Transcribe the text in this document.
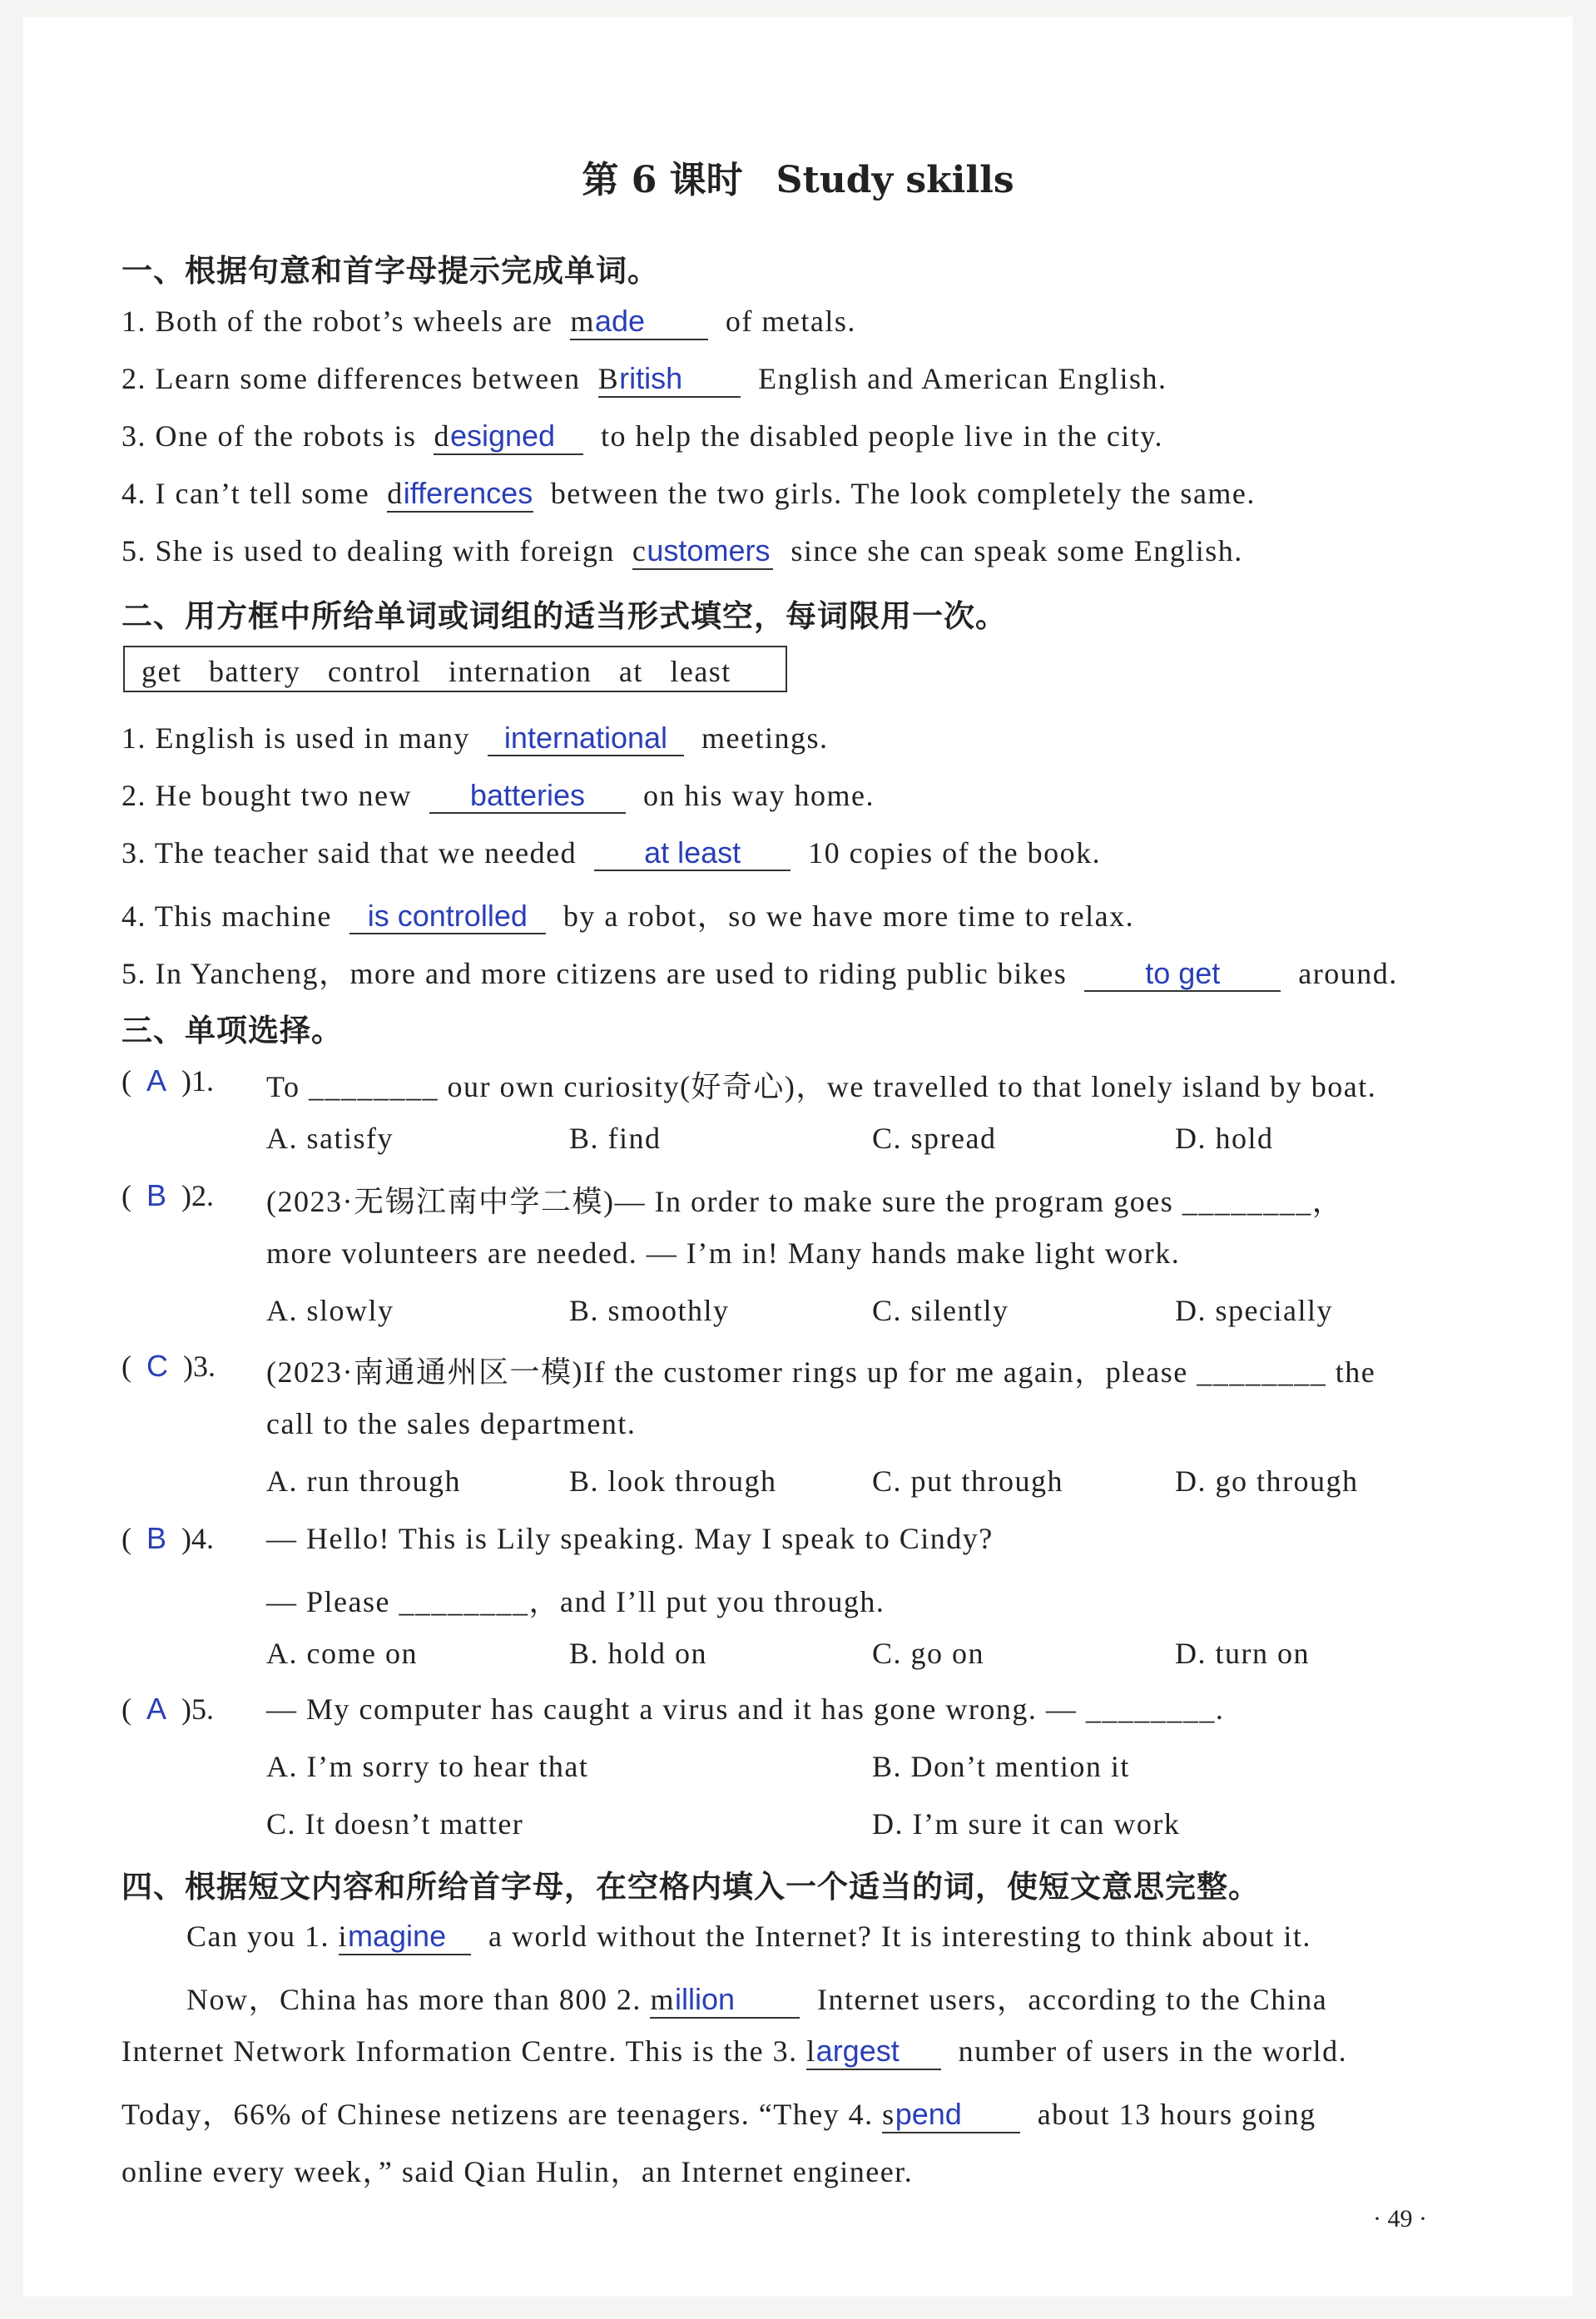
第 6 课时 Study skills
一、根据句意和首字母提示完成单词。
1. Both of the robot’s wheels are made	of metals.
2. Learn some differences between British	English and American English.
3. One of the robots is designed to help the disabled people live in the city.
4. I can’t tell some differences between the two girls. The look completely the same.
5. She is used to dealing with foreign customers since she can speak some English.
二、用方框中所给单词或词组的适当形式填空，每词限用一次。
get battery control internation at least
1. English is used in many international meetings.
2. He bought two new batteries on his way home.
3. The teacher said that we needed at least 10 copies of the book.
4. This machine is controlled by a robot，so we have more time to relax.
5. In Yancheng，more and more citizens are used to riding public bikes	to get	around.
三、单项选择。
( A )1. To ________ our own curiosity(好奇心)，we travelled to that lonely island by boat.
A. satisfy	B. find	C. spread	D. hold
( B )2. (2023·无锡江南中学二模)— In order to make sure the program goes ________，
more volunteers are needed. — I’m in! Many hands make light work.
A. slowly	B. smoothly	C. silently	D. specially
( C )3. (2023·南通通州区一模)If the customer rings up for me again，please ________ the
call to the sales department.
A. run through	B. look through	C. put through	D. go through
( B )4. — Hello! This is Lily speaking. May I speak to Cindy?
— Please ________，and I’ll put you through.
A. come on	B. hold on	C. go on	D. turn on
( A )5. — My computer has caught a virus and it has gone wrong. — ________.
A. I’m sorry to hear that	B. Don’t mention it
C. It doesn’t matter	D. I’m sure it can work
四、根据短文内容和所给首字母，在空格内填入一个适当的词，使短文意思完整。
Can you 1. imagine a world without the Internet? It is interesting to think about it.
Now，China has more than 800 2. million	Internet users，according to the China
Internet Network Information Centre. This is the 3. largest number of users in the world.
Today，66% of Chinese netizens are teenagers. “They 4. spend	about 13 hours going
online every week，” said Qian Hulin，an Internet engineer.
· 49 ·
